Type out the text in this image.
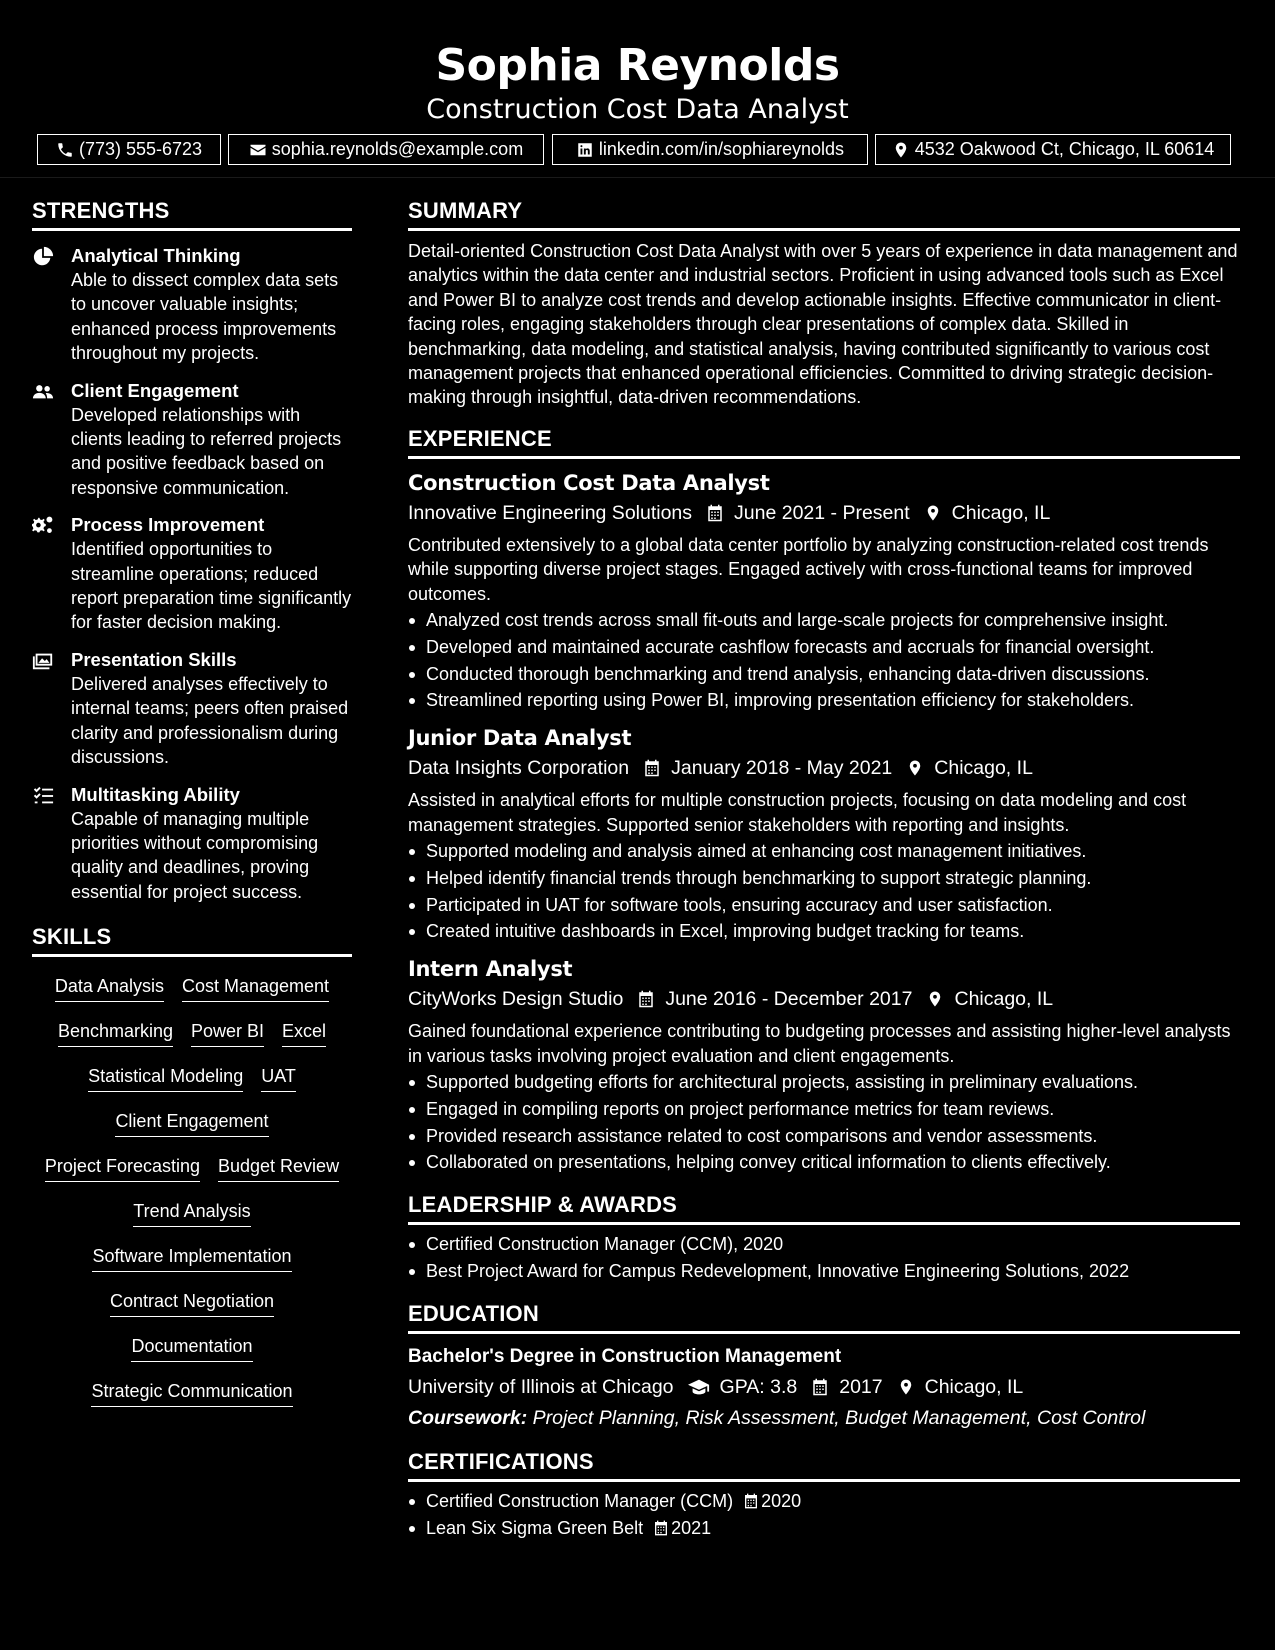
Sophia Reynolds
Construction Cost Data Analyst
(773) 555-6723	sophia.reynolds@example.com	linkedin.com/in/sophiareynolds	4532 Oakwood Ct, Chicago, IL 60614
STRENGTHS
Analytical Thinking
Able to dissect complex data sets to uncover valuable insights; enhanced process improvements throughout my projects.
Client Engagement
Developed relationships with clients leading to referred projects and positive feedback based on responsive communication.
Process Improvement
Identified opportunities to streamline operations; reduced report preparation time significantly for faster decision making.
Presentation Skills
Delivered analyses effectively to internal teams; peers often praised clarity and professionalism during discussions.
Multitasking Ability
Capable of managing multiple priorities without compromising quality and deadlines, proving essential for project success.
SKILLS
Data Analysis Cost Management
Benchmarking Power BI Excel
Statistical Modeling UAT
Client Engagement
Project Forecasting Budget Review
Trend Analysis
Software Implementation
Contract Negotiation
Documentation
Strategic Communication
SUMMARY
Detail-oriented Construction Cost Data Analyst with over 5 years of experience in data management and analytics within the data center and industrial sectors. Proficient in using advanced tools such as Excel and Power BI to analyze cost trends and develop actionable insights. Effective communicator in client-facing roles, engaging stakeholders through clear presentations of complex data. Skilled in benchmarking, data modeling, and statistical analysis, having contributed significantly to various cost management projects that enhanced operational efficiencies. Committed to driving strategic decision-making through insightful, data-driven recommendations.
EXPERIENCE
Construction Cost Data Analyst
Innovative Engineering Solutions June 2021 - Present Chicago, IL
Contributed extensively to a global data center portfolio by analyzing construction-related cost trends while supporting diverse project stages. Engaged actively with cross-functional teams for improved outcomes.
Analyzed cost trends across small fit-outs and large-scale projects for comprehensive insight.
Developed and maintained accurate cashflow forecasts and accruals for financial oversight.
Conducted thorough benchmarking and trend analysis, enhancing data-driven discussions.
Streamlined reporting using Power BI, improving presentation efficiency for stakeholders.
Junior Data Analyst
Data Insights Corporation January 2018 - May 2021 Chicago, IL
Assisted in analytical efforts for multiple construction projects, focusing on data modeling and cost management strategies. Supported senior stakeholders with reporting and insights.
Supported modeling and analysis aimed at enhancing cost management initiatives.
Helped identify financial trends through benchmarking to support strategic planning.
Participated in UAT for software tools, ensuring accuracy and user satisfaction.
Created intuitive dashboards in Excel, improving budget tracking for teams.
Intern Analyst
CityWorks Design Studio June 2016 - December 2017 Chicago, IL
Gained foundational experience contributing to budgeting processes and assisting higher-level analysts in various tasks involving project evaluation and client engagements.
Supported budgeting efforts for architectural projects, assisting in preliminary evaluations.
Engaged in compiling reports on project performance metrics for team reviews.
Provided research assistance related to cost comparisons and vendor assessments.
Collaborated on presentations, helping convey critical information to clients effectively.
LEADERSHIP & AWARDS
Certified Construction Manager (CCM), 2020
Best Project Award for Campus Redevelopment, Innovative Engineering Solutions, 2022
EDUCATION
Bachelor's Degree in Construction Management
University of Illinois at Chicago GPA: 3.8 2017 Chicago, IL
Coursework: Project Planning, Risk Assessment, Budget Management, Cost Control
CERTIFICATIONS
Certified Construction Manager (CCM) 2020
Lean Six Sigma Green Belt 2021
